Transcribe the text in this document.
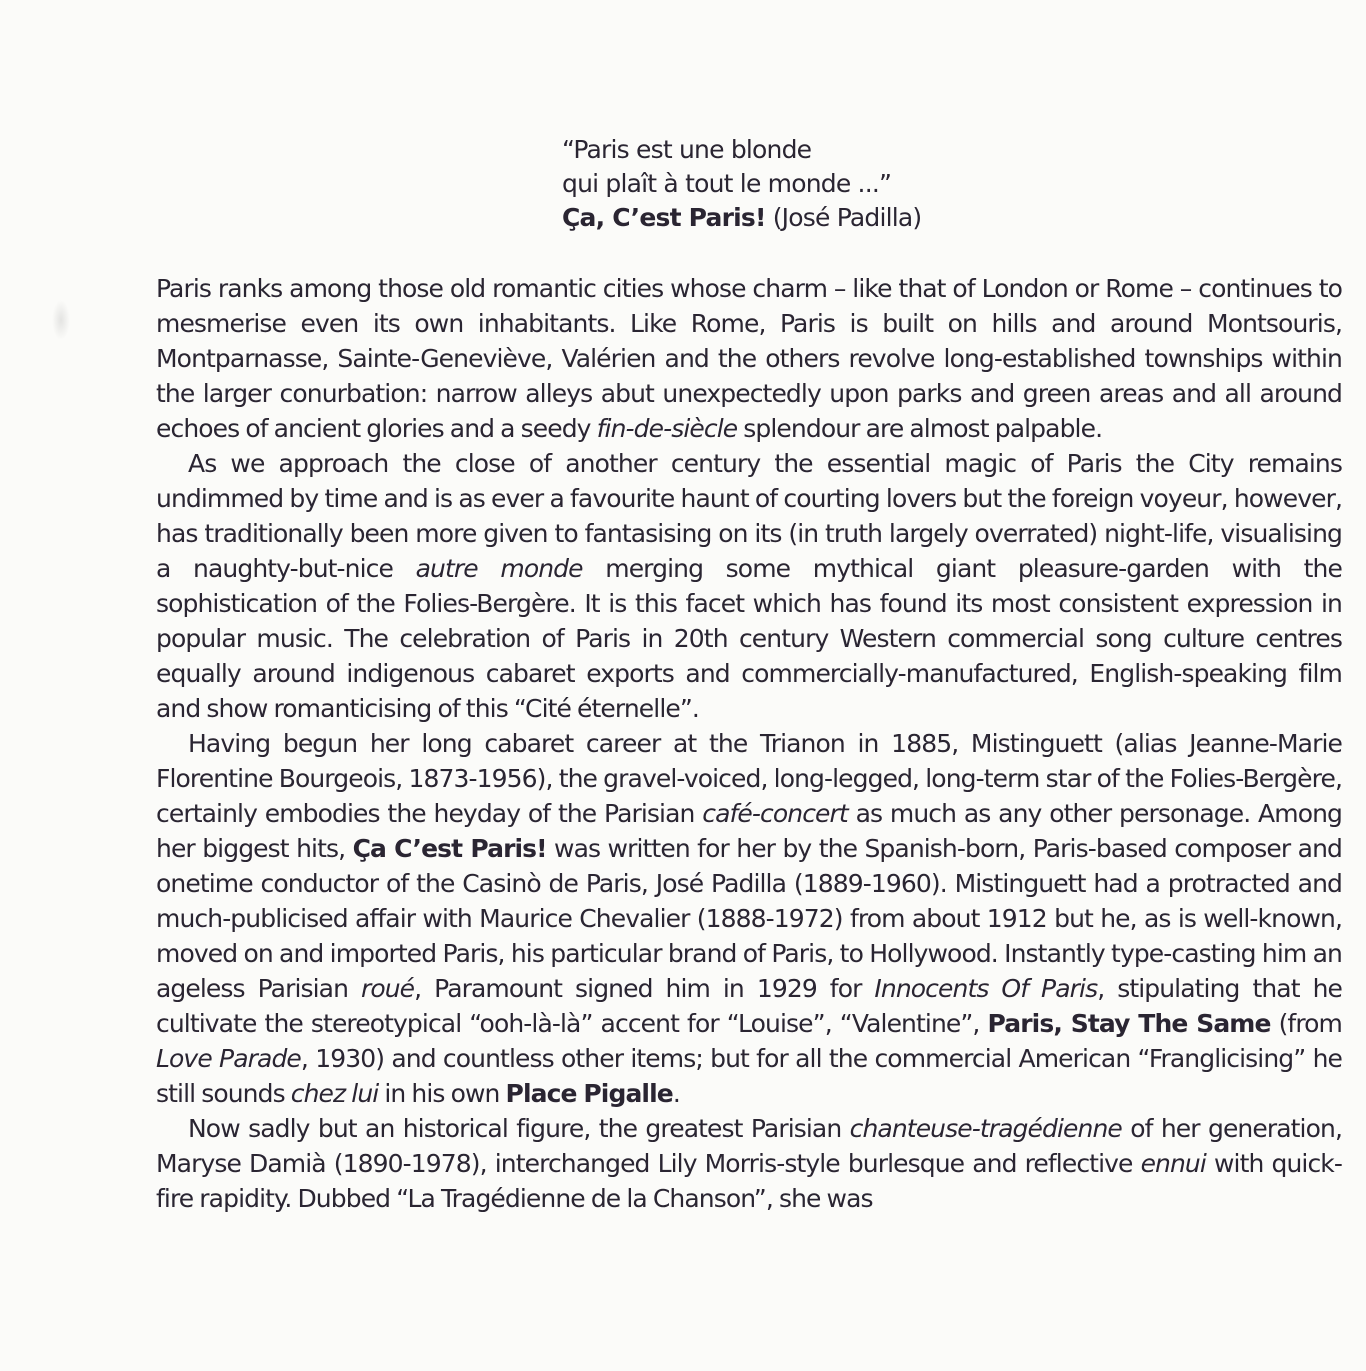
“Paris est une blonde
qui plaît à tout le monde ...”
Ça, C’est Paris! (José Padilla)

Paris ranks among those old romantic cities whose charm – like that of London or Rome – continues to mesmerise even its own inhabitants. Like Rome, Paris is built on hills and around Montsouris, Montparnasse, Sainte-Geneviève, Valérien and the others revolve long-established townships within the larger conurbation: narrow alleys abut unexpectedly upon parks and green areas and all around echoes of ancient glories and a seedy fin-de-siècle splendour are almost palpable.

As we approach the close of another century the essential magic of Paris the City remains undimmed by time and is as ever a favourite haunt of courting lovers but the foreign voyeur, however, has traditionally been more given to fantasising on its (in truth largely overrated) night-life, visualising a naughty-but-nice autre monde merging some mythical giant pleasure-garden with the sophistication of the Folies-Bergère. It is this facet which has found its most consistent expression in popular music. The celebration of Paris in 20th century Western commercial song culture centres equally around indigenous cabaret exports and commercially-manufactured, English-speaking film and show romanticising of this “Cité éternelle”.

Having begun her long cabaret career at the Trianon in 1885, Mistinguett (alias Jeanne-Marie Florentine Bourgeois, 1873-1956), the gravel-voiced, long-legged, long-term star of the Folies-Bergère, certainly embodies the heyday of the Parisian café-concert as much as any other personage. Among her biggest hits, Ça C’est Paris! was written for her by the Spanish-born, Paris-based composer and onetime conductor of the Casinò de Paris, José Padilla (1889-1960). Mistinguett had a protracted and much-publicised affair with Maurice Chevalier (1888-1972) from about 1912 but he, as is well-known, moved on and imported Paris, his particular brand of Paris, to Hollywood. Instantly type-casting him an ageless Parisian roué, Paramount signed him in 1929 for Innocents Of Paris, stipulating that he cultivate the stereotypical “ooh-là-là” accent for “Louise”, “Valentine”, Paris, Stay The Same (from Love Parade, 1930) and countless other items; but for all the commercial American “Franglicising” he still sounds chez lui in his own Place Pigalle.

Now sadly but an historical figure, the greatest Parisian chanteuse-tragédienne of her generation, Maryse Damià (1890-1978), interchanged Lily Morris-style burlesque and reflective ennui with quick-fire rapidity. Dubbed “La Tragédienne de la Chanson”, she was
